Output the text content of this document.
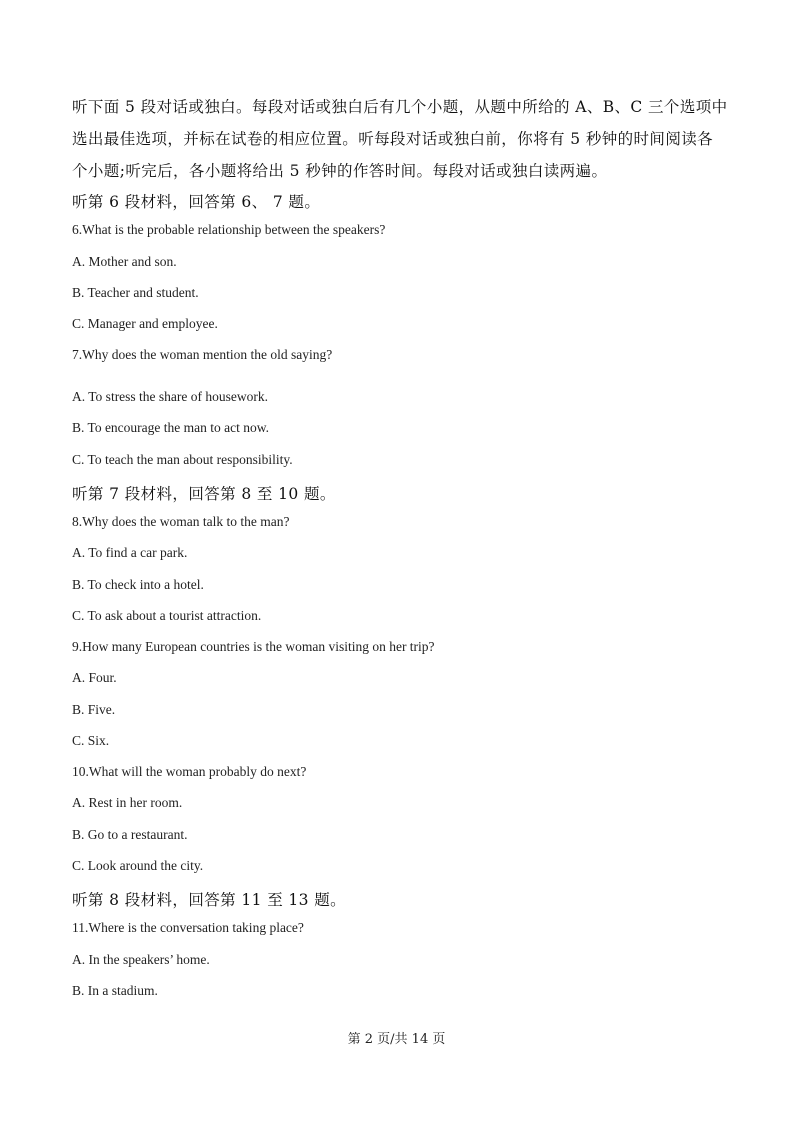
听下面 5 段对话或独白。每段对话或独白后有几个小题，从题中所给的 A、B、C 三个选项中
选出最佳选项，并标在试卷的相应位置。听每段对话或独白前，你将有 5 秒钟的时间阅读各
个小题;听完后，各小题将给出 5 秒钟的作答时间。每段对话或独白读两遍。
听第 6 段材料，回答第 6、 7 题。
6.What is the probable relationship between the speakers?
A. Mother and son.
B. Teacher and student.
C. Manager and employee.
7.Why does the woman mention the old saying?
A. To stress the share of housework.
B. To encourage the man to act now.
C. To teach the man about responsibility.
听第 7 段材料，回答第 8 至 10 题。
8.Why does the woman talk to the man?
A. To find a car park.
B. To check into a hotel.
C. To ask about a tourist attraction.
9.How many European countries is the woman visiting on her trip?
A. Four.
B. Five.
C. Six.
10.What will the woman probably do next?
A. Rest in her room.
B. Go to a restaurant.
C. Look around the city.
听第 8 段材料，回答第 11 至 13 题。
11.Where is the conversation taking place?
A. In the speakers’ home.
B. In a stadium.
第 2 页/共 14 页
